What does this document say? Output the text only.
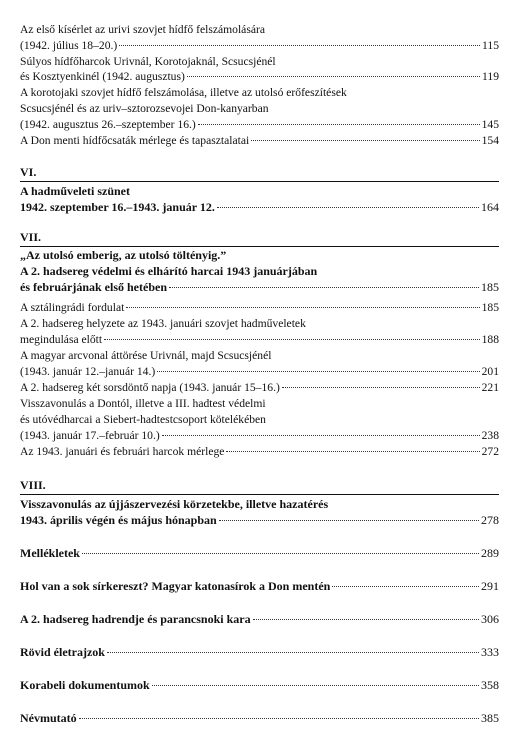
Az első kísérlet az urivi szovjet hídfő felszámolására
(1942. július 18–20.)	115
Súlyos hídfőharcok Urivnál, Korotojaknál, Scsucsjénél
és Kosztyenkinél (1942. augusztus)	119
A korotojaki szovjet hídfő felszámolása, illetve az utolsó erőfeszítések
Scsucsjénél és az uriv–sztorozsevojei Don-kanyarban
(1942. augusztus 26.–szeptember 16.)	145
A Don menti hídfőcsaták mérlege és tapasztalatai	154
VI.
A hadműveleti szünet
1942. szeptember 16.–1943. január 12.	164
VII.
„Az utolsó emberig, az utolsó töltényig.”
A 2. hadsereg védelmi és elhárító harcai 1943 januárjában
és februárjának első hetében	185
A sztálingrádi fordulat	185
A 2. hadsereg helyzete az 1943. januári szovjet hadműveletek
megindulása előtt	188
A magyar arcvonal áttörése Urivnál, majd Scsucsjénél
(1943. január 12.–január 14.)	201
A 2. hadsereg két sorsdöntő napja (1943. január 15–16.)	221
Visszavonulás a Dontól, illetve a III. hadtest védelmi
és utóvédharcai a Siebert-hadtestcsoport kötelékében
(1943. január 17.–február 10.)	238
Az 1943. januári és februári harcok mérlege	272
VIII.
Visszavonulás az újjászervezési körzetekbe, illetve hazatérés
1943. április végén és május hónapban	278
Mellékletek	289
Hol van a sok sírkereszt? Magyar katonasírok a Don mentén	291
A 2. hadsereg hadrendje és parancsnoki kara	306
Rövid életrajzok	333
Korabeli dokumentumok	358
Névmutató	385
